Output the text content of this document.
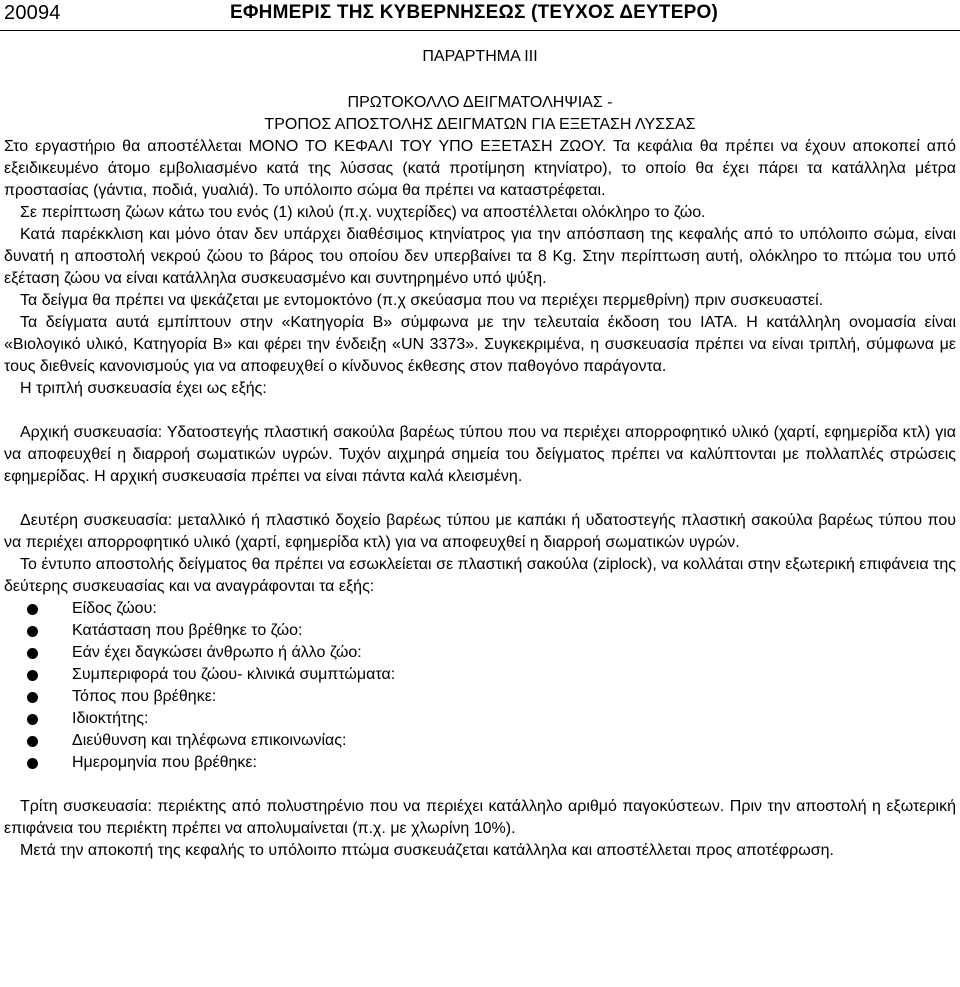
20094	ΕΦΗΜΕΡΙΣ ΤΗΣ ΚΥΒΕΡΝΗΣΕΩΣ (ΤΕΥΧΟΣ ΔΕΥΤΕΡΟ)
ΠΑΡΑΡΤΗΜΑ ΙΙΙ
ΠΡΩΤΟΚΟΛΛΟ ΔΕΙΓΜΑΤΟΛΗΨΙΑΣ -
ΤΡΟΠΟΣ ΑΠΟΣΤΟΛΗΣ ΔΕΙΓΜΑΤΩΝ ΓΙΑ ΕΞΕΤΑΣΗ ΛΥΣΣΑΣ

Στο εργαστήριο θα αποστέλλεται ΜΟΝΟ ΤΟ ΚΕΦΑΛΙ ΤΟΥ ΥΠΟ ΕΞΕΤΑΣΗ ΖΩΟΥ. Τα κεφάλια θα πρέπει να έχουν αποκοπεί από εξειδικευμένο άτομο εμβολιασμένο κατά της λύσσας (κατά προτίμηση κτηνίατρο), το οποίο θα έχει πάρει τα κατάλληλα μέτρα προστασίας (γάντια, ποδιά, γυαλιά). Το υπόλοιπο σώμα θα πρέπει να καταστρέφεται.

Σε περίπτωση ζώων κάτω του ενός (1) κιλού (π.χ. νυχτερίδες) να αποστέλλεται ολόκληρο το ζώο.

Κατά παρέκκλιση και μόνο όταν δεν υπάρχει διαθέσιμος κτηνίατρος για την απόσπαση της κεφαλής από το υπόλοιπο σώμα, είναι δυνατή η αποστολή νεκρού ζώου το βάρος του οποίου δεν υπερβαίνει τα 8 Kg. Στην περίπτωση αυτή, ολόκληρο το πτώμα του υπό εξέταση ζώου να είναι κατάλληλα συσκευασμένο και συντηρημένο υπό ψύξη.

Τα δείγμα θα πρέπει να ψεκάζεται με εντομοκτόνο (π.χ σκεύασμα που να περιέχει περμεθρίνη) πριν συσκευαστεί.

Τα δείγματα αυτά εμπίπτουν στην «Κατηγορία Β» σύμφωνα με την τελευταία έκδοση του IATA. Η κατάλληλη ονομασία είναι «Βιολογικό υλικό, Κατηγορία Β» και φέρει την ένδειξη «UN 3373». Συγκεκριμένα, η συσκευασία πρέπει να είναι τριπλή, σύμφωνα με τους διεθνείς κανονισμούς για να αποφευχθεί ο κίνδυνος έκθεσης στον παθογόνο παράγοντα.

Η τριπλή συσκευασία έχει ως εξής:

Αρχική συσκευασία: Υδατοστεγής πλαστική σακούλα βαρέως τύπου που να περιέχει απορροφητικό υλικό (χαρτί, εφημερίδα κτλ) για να αποφευχθεί η διαρροή σωματικών υγρών. Τυχόν αιχμηρά σημεία του δείγματος πρέπει να καλύπτονται με πολλαπλές στρώσεις εφημερίδας. Η αρχική συσκευασία πρέπει να είναι πάντα καλά κλεισμένη.

Δευτέρη συσκευασία: μεταλλικό ή πλαστικό δοχείο βαρέως τύπου με καπάκι ή υδατοστεγής πλαστική σακούλα βαρέως τύπου που να περιέχει απορροφητικό υλικό (χαρτί, εφημερίδα κτλ) για να αποφευχθεί η διαρροή σωματικών υγρών.

Το έντυπο αποστολής δείγματος θα πρέπει να εσωκλείεται σε πλαστική σακούλα (ziplock), να κολλάται στην εξωτερική επιφάνεια της δεύτερης συσκευασίας και να αναγράφονται τα εξής:

Είδος ζώου:
Κατάσταση που βρέθηκε το ζώο:
Εάν έχει δαγκώσει άνθρωπο ή άλλο ζώο:
Συμπεριφορά του ζώου- κλινικά συμπτώματα:
Τόπος που βρέθηκε:
Ιδιοκτήτης:
Διεύθυνση και τηλέφωνα επικοινωνίας:
Ημερομηνία που βρέθηκε:

Τρίτη συσκευασία: περιέκτης από πολυστηρένιο που να περιέχει κατάλληλο αριθμό παγοκύστεων. Πριν την αποστολή η εξωτερική επιφάνεια του περιέκτη πρέπει να απολυμαίνεται (π.χ. με χλωρίνη 10%).

Μετά την αποκοπή της κεφαλής το υπόλοιπο πτώμα συσκευάζεται κατάλληλα και αποστέλλεται προς αποτέφρωση.
